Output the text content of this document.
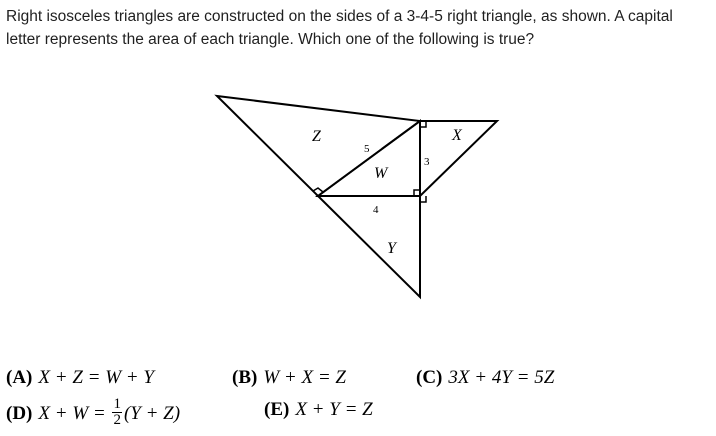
Right isosceles triangles are constructed on the sides of a 3-4-5 right triangle, as shown. A capital letter represents the area of each triangle. Which one of the following is true?

Z	X
W
Y
5
3
4
(A) X + Z = W + Y	(B) W + X = Z	(C) 3X + 4Y = 5Z
(D) $X + W = \frac{1}{2} (Y + Z)$	(E) X + Y = Z
